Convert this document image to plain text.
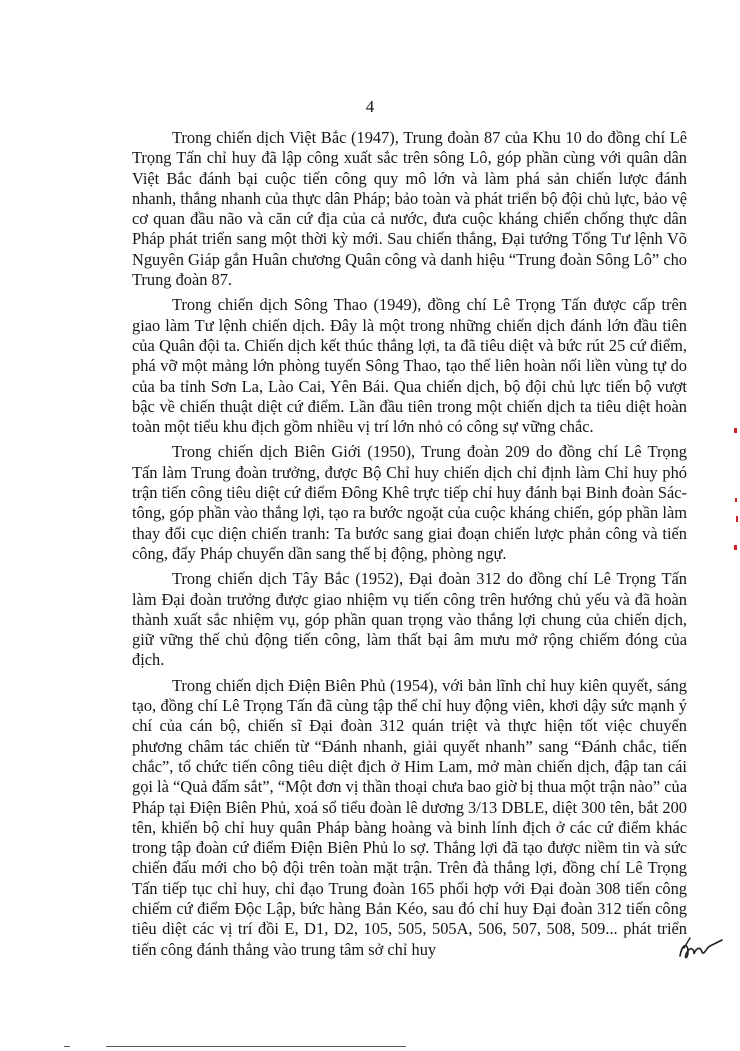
4

Trong chiến dịch Việt Bắc (1947), Trung đoàn 87 của Khu 10 do đồng chí Lê Trọng Tấn chỉ huy đã lập công xuất sắc trên sông Lô, góp phần cùng với quân dân Việt Bắc đánh bại cuộc tiến công quy mô lớn và làm phá sản chiến lược đánh nhanh, thắng nhanh của thực dân Pháp; bảo toàn và phát triển bộ đội chủ lực, bảo vệ cơ quan đầu não và căn cứ địa của cả nước, đưa cuộc kháng chiến chống thực dân Pháp phát triển sang một thời kỳ mới. Sau chiến thắng, Đại tướng Tổng Tư lệnh Võ Nguyên Giáp gắn Huân chương Quân công và danh hiệu “Trung đoàn Sông Lô” cho Trung đoàn 87.

Trong chiến dịch Sông Thao (1949), đồng chí Lê Trọng Tấn được cấp trên giao làm Tư lệnh chiến dịch. Đây là một trong những chiến dịch đánh lớn đầu tiên của Quân đội ta. Chiến dịch kết thúc thắng lợi, ta đã tiêu diệt và bức rút 25 cứ điểm, phá vỡ một mảng lớn phòng tuyến Sông Thao, tạo thế liên hoàn nối liền vùng tự do của ba tỉnh Sơn La, Lào Cai, Yên Bái. Qua chiến dịch, bộ đội chủ lực tiến bộ vượt bậc về chiến thuật diệt cứ điểm. Lần đầu tiên trong một chiến dịch ta tiêu diệt hoàn toàn một tiểu khu địch gồm nhiều vị trí lớn nhỏ có công sự vững chắc.

Trong chiến dịch Biên Giới (1950), Trung đoàn 209 do đồng chí Lê Trọng Tấn làm Trung đoàn trưởng, được Bộ Chỉ huy chiến dịch chỉ định làm Chỉ huy phó trận tiến công tiêu diệt cứ điểm Đông Khê trực tiếp chỉ huy đánh bại Binh đoàn Sác-tông, góp phần vào thắng lợi, tạo ra bước ngoặt của cuộc kháng chiến, góp phần làm thay đổi cục diện chiến tranh: Ta bước sang giai đoạn chiến lược phản công và tiến công, đẩy Pháp chuyển dần sang thế bị động, phòng ngự.

Trong chiến dịch Tây Bắc (1952), Đại đoàn 312 do đồng chí Lê Trọng Tấn làm Đại đoàn trưởng được giao nhiệm vụ tiến công trên hướng chủ yếu và đã hoàn thành xuất sắc nhiệm vụ, góp phần quan trọng vào thắng lợi chung của chiến dịch, giữ vững thế chủ động tiến công, làm thất bại âm mưu mở rộng chiếm đóng của địch.

Trong chiến dịch Điện Biên Phủ (1954), với bản lĩnh chỉ huy kiên quyết, sáng tạo, đồng chí Lê Trọng Tấn đã cùng tập thể chỉ huy động viên, khơi dậy sức mạnh ý chí của cán bộ, chiến sĩ Đại đoàn 312 quán triệt và thực hiện tốt việc chuyển phương châm tác chiến từ “Đánh nhanh, giải quyết nhanh” sang “Đánh chắc, tiến chắc”, tổ chức tiến công tiêu diệt địch ở Him Lam, mở màn chiến dịch, đập tan cái gọi là “Quả đấm sắt”, “Một đơn vị thần thoại chưa bao giờ bị thua một trận nào” của Pháp tại Điện Biên Phủ, xoá sổ tiểu đoàn lê dương 3/13 DBLE, diệt 300 tên, bắt 200 tên, khiến bộ chỉ huy quân Pháp bàng hoàng và binh lính địch ở các cứ điểm khác trong tập đoàn cứ điểm Điện Biên Phủ lo sợ. Thắng lợi đã tạo được niềm tin và sức chiến đấu mới cho bộ đội trên toàn mặt trận. Trên đà thắng lợi, đồng chí Lê Trọng Tấn tiếp tục chỉ huy, chỉ đạo Trung đoàn 165 phối hợp với Đại đoàn 308 tiến công chiếm cứ điểm Độc Lập, bức hàng Bản Kéo, sau đó chỉ huy Đại đoàn 312 tiến công tiêu diệt các vị trí đồi E, D1, D2, 105, 505, 505A, 506, 507, 508, 509... phát triển tiến công đánh thẳng vào trung tâm sở chỉ huy
